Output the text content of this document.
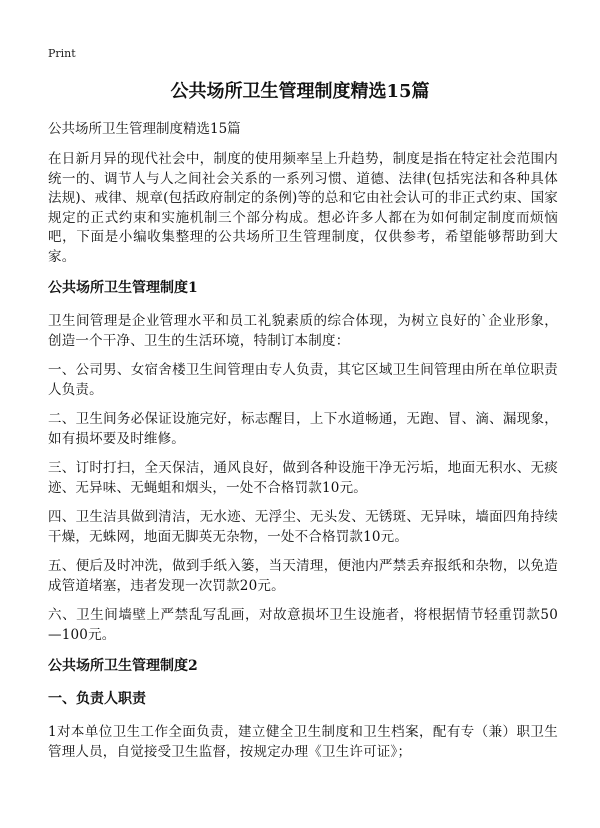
Print
公共场所卫生管理制度精选15篇
公共场所卫生管理制度精选15篇

在日新月异的现代社会中，制度的使用频率呈上升趋势，制度是指在特定社会范围内统一的、调节人与人之间社会关系的一系列习惯、道德、法律(包括宪法和各种具体法规)、戒律、规章(包括政府制定的条例)等的总和它由社会认可的非正式约束、国家规定的正式约束和实施机制三个部分构成。想必许多人都在为如何制定制度而烦恼吧，下面是小编收集整理的公共场所卫生管理制度，仅供参考，希望能够帮助到大家。

公共场所卫生管理制度1

卫生间管理是企业管理水平和员工礼貌素质的综合体现，为树立良好的`企业形象，创造一个干净、卫生的生活环境，特制订本制度：

一、公司男、女宿舍楼卫生间管理由专人负责，其它区域卫生间管理由所在单位职责人负责。

二、卫生间务必保证设施完好，标志醒目，上下水道畅通，无跑、冒、滴、漏现象，如有损坏要及时维修。

三、订时打扫，全天保洁，通风良好，做到各种设施干净无污垢，地面无积水、无痰迹、无异味、无蝇蛆和烟头，一处不合格罚款10元。

四、卫生洁具做到清洁，无水迹、无浮尘、无头发、无锈斑、无异味，墙面四角持续干燥，无蛛网，地面无脚英无杂物，一处不合格罚款10元。

五、便后及时冲洗，做到手纸入篓，当天清理，便池内严禁丢弃报纸和杂物，以免造成管道堵塞，违者发现一次罚款20元。

六、卫生间墙壁上严禁乱写乱画，对故意损坏卫生设施者，将根据情节轻重罚款50—100元。

公共场所卫生管理制度2
一、负责人职责

1对本单位卫生工作全面负责，建立健全卫生制度和卫生档案，配有专（兼）职卫生管理人员，自觉接受卫生监督，按规定办理《卫生许可证》；
